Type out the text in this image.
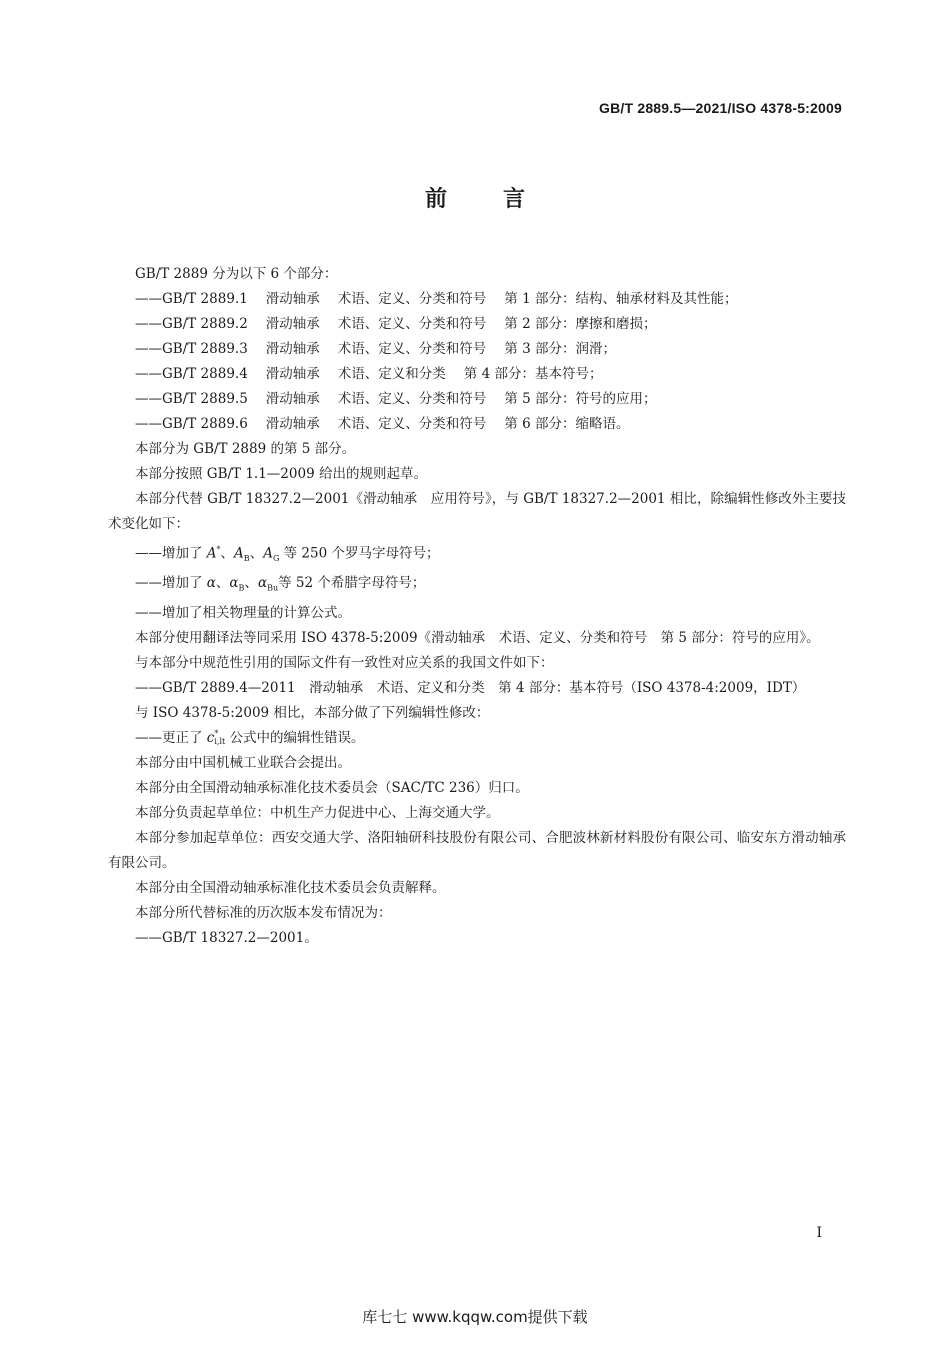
GB/T 2889.5—2021/ISO 4378-5:2009
前言

GB/T 2889 分为以下 6 个部分：

——GB/T 2889.1 滑动轴承 术语、定义、分类和符号 第 1 部分：结构、轴承材料及其性能；

——GB/T 2889.2 滑动轴承 术语、定义、分类和符号 第 2 部分：摩擦和磨损；

——GB/T 2889.3 滑动轴承 术语、定义、分类和符号 第 3 部分：润滑；

——GB/T 2889.4 滑动轴承 术语、定义和分类 第 4 部分：基本符号；

——GB/T 2889.5 滑动轴承 术语、定义、分类和符号 第 5 部分：符号的应用；

——GB/T 2889.6 滑动轴承 术语、定义、分类和符号 第 6 部分：缩略语。

本部分为 GB/T 2889 的第 5 部分。

本部分按照 GB/T 1.1—2009 给出的规则起草。

本部分代替 GB/T 18327.2—2001《滑动轴承　应用符号》，与 GB/T 18327.2—2001 相比，除编辑性修改外主要技术变化如下：

——增加了 A*、$A_B$、$A_G$ 等 250 个罗马字母符号；

——增加了 α、$\alpha_B$、$\alpha_{Bu}$等 52 个希腊字母符号；

——增加了相关物理量的计算公式。

本部分使用翻译法等同采用 ISO 4378-5:2009《滑动轴承　术语、定义、分类和符号　第 5 部分：符号的应用》。

与本部分中规范性引用的国际文件有一致性对应关系的我国文件如下：

——GB/T 2889.4—2011　滑动轴承　术语、定义和分类　第 4 部分：基本符号（ISO 4378-4:2009，IDT）

与 ISO 4378-5:2009 相比，本部分做了下列编辑性修改：

——更正了 c *
i,lt 公式中的编辑性错误。

本部分由中国机械工业联合会提出。

本部分由全国滑动轴承标准化技术委员会（SAC/TC 236）归口。

本部分负责起草单位：中机生产力促进中心、上海交通大学。

本部分参加起草单位：西安交通大学、洛阳轴研科技股份有限公司、合肥波林新材料股份有限公司、临安东方滑动轴承有限公司。

本部分由全国滑动轴承标准化技术委员会负责解释。

本部分所代替标准的历次版本发布情况为：

——GB/T 18327.2—2001。

I
库七七 www.kqqw.com提供下载
